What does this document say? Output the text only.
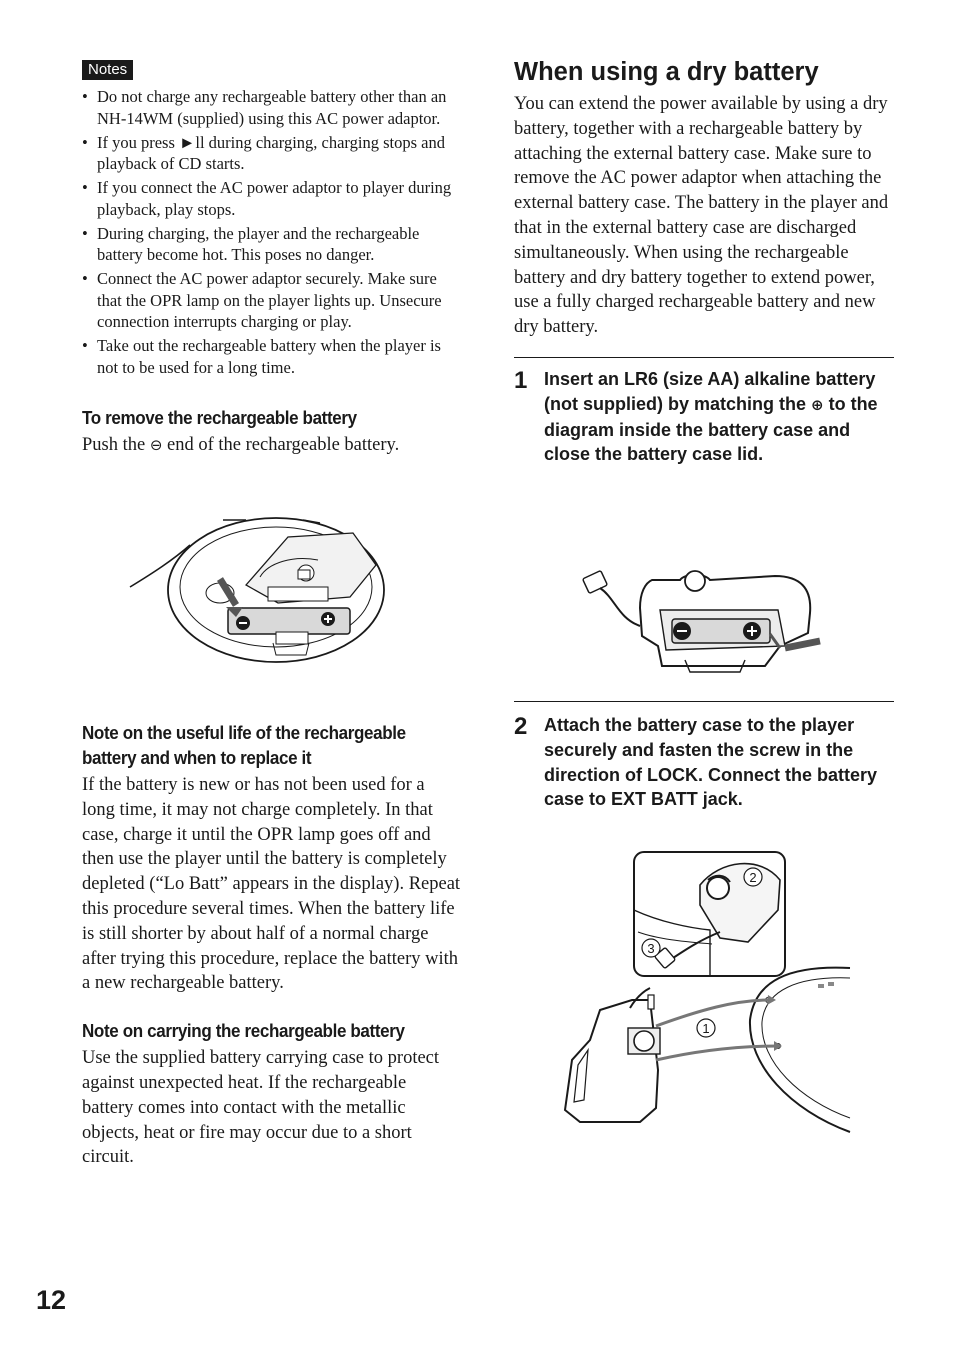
Notes
• Do not charge any rechargeable battery other than an NH-14WM (supplied) using this AC power adaptor.
• If you press ►ll during charging, charging stops and playback of CD starts.
• If you connect the AC power adaptor to player during playback, play stops.
• During charging, the player and the rechargeable battery become hot. This poses no danger.
• Connect the AC power adaptor securely. Make sure that the OPR lamp on the player lights up. Unsecure connection interrupts charging or play.
• Take out the rechargeable battery when the player is not to be used for a long time.
To remove the rechargeable battery

Push the ⊖ end of the rechargeable battery.

Note on the useful life of the rechargeable
battery and when to replace it

If the battery is new or has not been used for a long time, it may not charge completely. In that case, charge it until the OPR lamp goes off and then use the player until the battery is completely depleted (“Lo Batt” appears in the display). Repeat this procedure several times. When the battery life is still shorter by about half of a normal charge after trying this procedure, replace the battery with a new rechargeable battery.

Note on carrying the rechargeable battery

Use the supplied battery carrying case to protect against unexpected heat. If the rechargeable battery comes into contact with the metallic objects, heat or fire may occur due to a short circuit.

When using a dry battery

You can extend the power available by using a dry battery, together with a rechargeable battery by attaching the external battery case. Make sure to remove the AC power adaptor when attaching the external battery case. The battery in the player and that in the external battery case are discharged simultaneously. When using the rechargeable battery and dry battery together to extend power, use a fully charged rechargeable battery and new dry battery.

1 Insert an LR6 (size AA) alkaline battery (not supplied) by matching the ⊕ to the diagram inside the battery case and close the battery case lid.

2 Attach the battery case to the player securely and fasten the screw in the direction of LOCK. Connect the battery case to EXT BATT jack.

1
2
3
12
